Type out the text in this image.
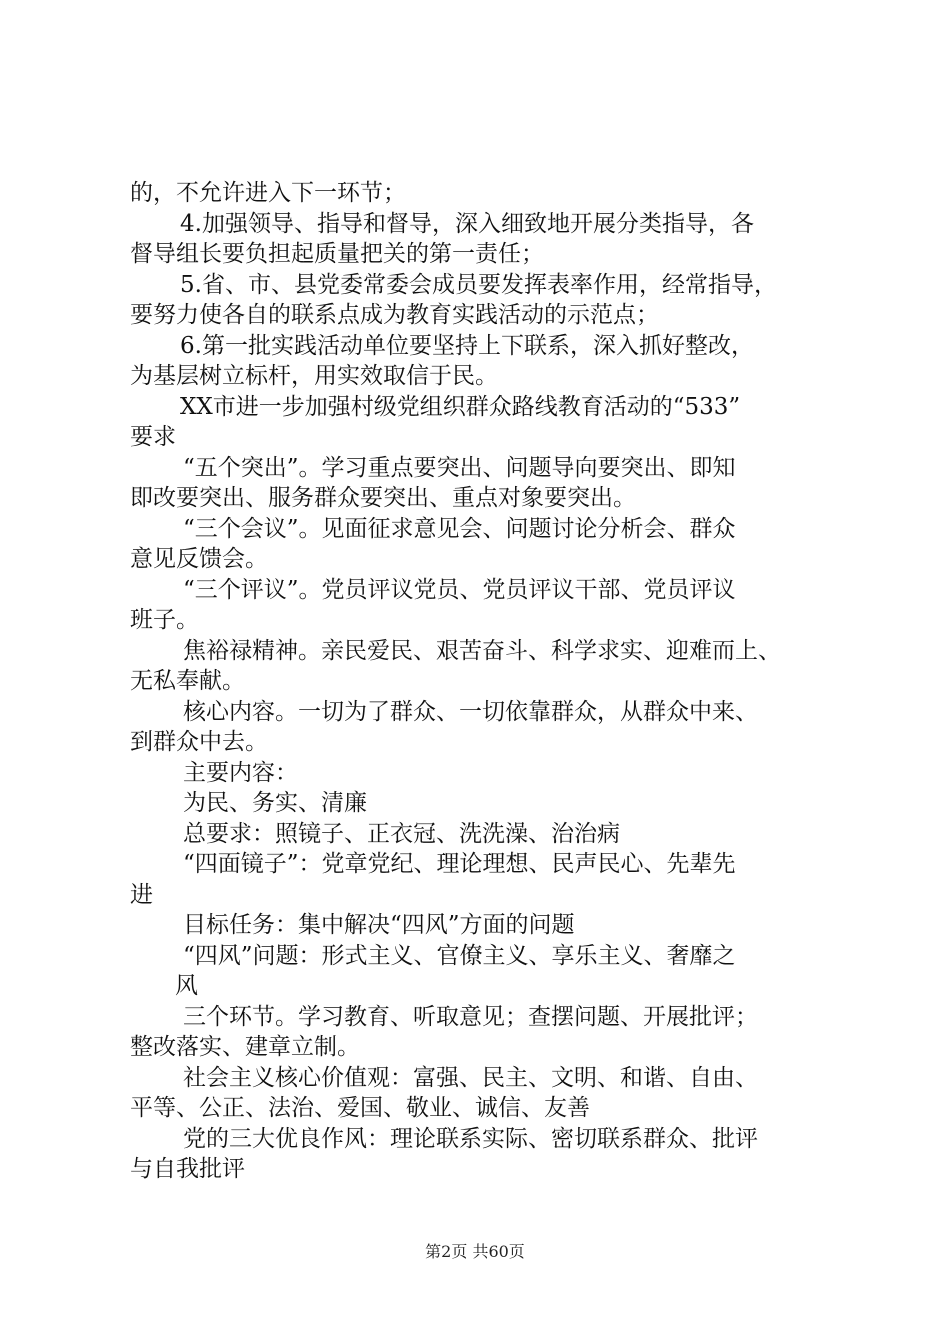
的，不允许进入下一环节；
4.加强领导、指导和督导，深入细致地开展分类指导，各
督导组长要负担起质量把关的第一责任；
5.省、市、县党委常委会成员要发挥表率作用，经常指导，
要努力使各自的联系点成为教育实践活动的示范点；
6.第一批实践活动单位要坚持上下联系，深入抓好整改，
为基层树立标杆，用实效取信于民。
XX市进一步加强村级党组织群众路线教育活动的“533”
要求
“五个突出”。学习重点要突出、问题导向要突出、即知
即改要突出、服务群众要突出、重点对象要突出。
“三个会议”。见面征求意见会、问题讨论分析会、群众
意见反馈会。
“三个评议”。党员评议党员、党员评议干部、党员评议
班子。
焦裕禄精神。亲民爱民、艰苦奋斗、科学求实、迎难而上、
无私奉献。
核心内容。一切为了群众、一切依靠群众，从群众中来、
到群众中去。
主要内容：
为民、务实、清廉
总要求：照镜子、正衣冠、洗洗澡、治治病
“四面镜子”：党章党纪、理论理想、民声民心、先辈先
进
目标任务：集中解决“四风”方面的问题
“四风”问题：形式主义、官僚主义、享乐主义、奢靡之
风
三个环节。学习教育、听取意见；查摆问题、开展批评；
整改落实、建章立制。
社会主义核心价值观：富强、民主、文明、和谐、自由、
平等、公正、法治、爱国、敬业、诚信、友善
党的三大优良作风：理论联系实际、密切联系群众、批评
与自我批评
第2页 共60页
